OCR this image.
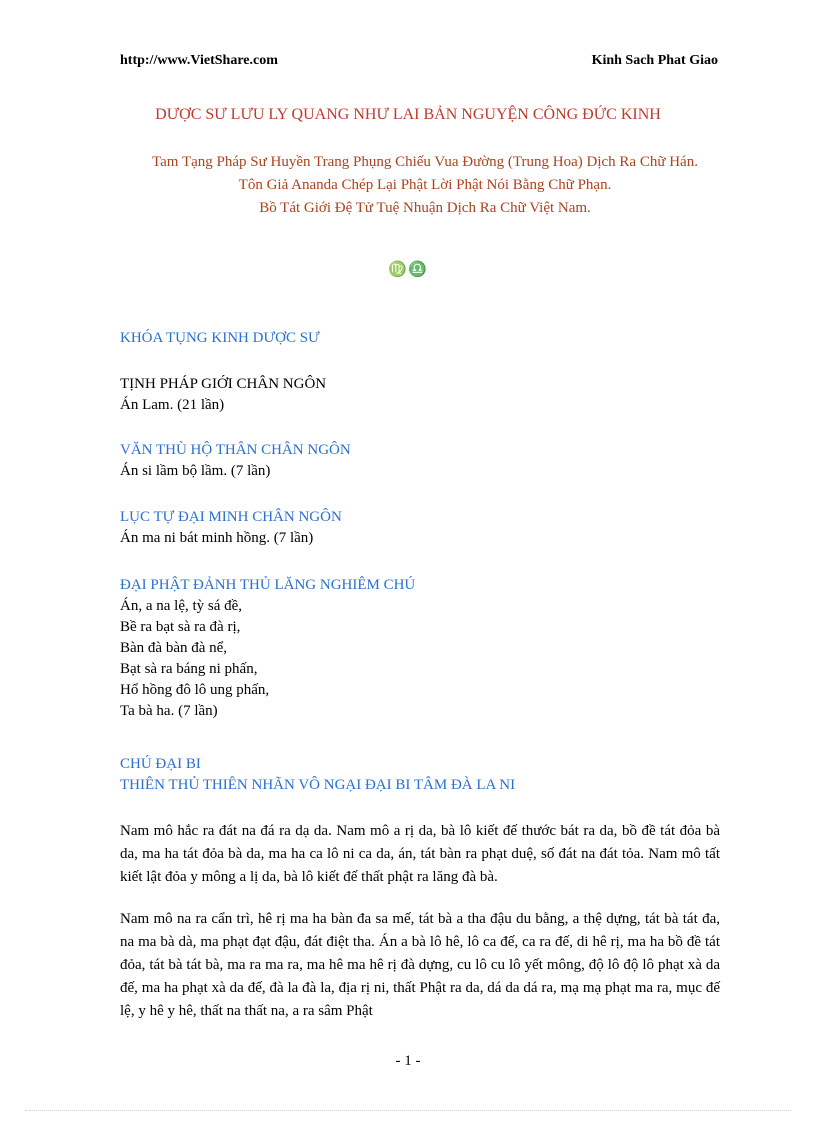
http://www.VietShare.com	Kinh Sach Phat Giao
DƯỢC SƯ LƯU LY QUANG NHƯ LAI BẢN NGUYỆN CÔNG ĐỨC KINH
Tam Tạng Pháp Sư Huyền Trang Phụng Chiếu Vua Đường (Trung Hoa) Dịch Ra Chữ Hán.
Tôn Giả Ananda Chép Lại Phật Lời Phật Nói Bằng Chữ Phạn.
Bồ Tát Giới Đệ Tử Tuệ Nhuận Dịch Ra Chữ Việt Nam.
♍♎
KHÓA TỤNG KINH DƯỢC SƯ
TỊNH PHÁP GIỚI CHÂN NGÔN
Án Lam. (21 lần)
VĂN THÙ HỘ THÂN CHÂN NGÔN
Án si lầm bộ lầm. (7 lần)
LỤC TỰ ĐẠI MINH CHÂN NGÔN
Án ma ni bát minh hồng. (7 lần)
ĐẠI PHẬT ĐẢNH THỦ LĂNG NGHIÊM CHÚ
Án, a na lệ, tỳ sá đề,
Bề ra bạt sà ra đà rị,
Bàn đà bàn đà nể,
Bạt sà ra báng ni phấn,
Hổ hồng đô lô ung phấn,
Ta bà ha. (7 lần)
CHÚ ĐẠI BI
THIÊN THỦ THIÊN NHÃN VÔ NGẠI ĐẠI BI TÂM ĐÀ LA NI
Nam mô hắc ra đát na đá ra dạ da. Nam mô a rị da, bà lô kiết đế thước bát ra da, bồ đề tát đỏa bà da, ma ha tát đỏa bà da, ma ha ca lô ni ca da, án, tát bàn ra phạt duệ, số đát na đát tỏa. Nam mô tất kiết lật đỏa y mông a lị da, bà lô kiết đế thất phật ra lăng đà bà.
Nam mô na ra cẩn trì, hê rị ma ha bàn đa sa mế, tát bà a tha đậu du bằng, a thệ dựng, tát bà tát đa, na ma bà dà, ma phạt đạt đậu, đát điệt tha. Án a bà lô hê, lô ca đế, ca ra đế, di hê rị, ma ha bồ đề tát đỏa, tát bà tát bà, ma ra ma ra, ma hê ma hê rị đà dựng, cu lô cu lô yết mông, độ lô độ lô phạt xà da đế, ma ha phạt xà da đế, đà la đà la, địa rị ni, thất Phật ra da, dá da dá ra, mạ mạ phạt ma ra, mục đế lệ, y hê y hê, thất na thất na, a ra sâm Phật
- 1 -
